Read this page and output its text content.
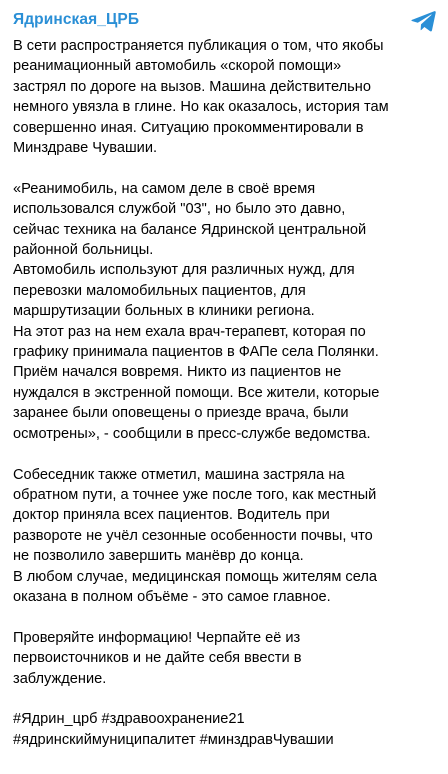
Ядринская_ЦРБ

В сети распространяется публикация о том, что якобы
реанимационный автомобиль «скорой помощи»
застрял по дороге на вызов. Машина действительно
немного увязла в глине. Но как оказалось, история там
совершенно иная. Ситуацию прокомментировали в
Минздраве Чувашии.

«Реанимобиль, на самом деле в своё время
использовался службой "03", но было это давно,
сейчас техника на балансе Ядринской центральной
районной больницы.
Автомобиль используют для различных нужд, для
перевозки маломобильных пациентов, для
маршрутизации больных в клиники региона.
На этот раз на нем ехала врач-терапевт, которая по
графику принимала пациентов в ФАПе села Полянки.
Приём начался вовремя. Никто из пациентов не
нуждался в экстренной помощи. Все жители, которые
заранее были оповещены о приезде врача, были
осмотрены», - сообщили в пресс-службе ведомства.

Собеседник также отметил, машина застряла на
обратном пути, а точнее уже после того, как местный
доктор приняла всех пациентов. Водитель при
развороте не учёл сезонные особенности почвы, что
не позволило завершить манёвр до конца.
В любом случае, медицинская помощь жителям села
оказана в полном объёме - это самое главное.

Проверяйте информацию! Черпайте её из
первоисточников и не дайте себя ввести в
заблуждение.

#Ядрин_црб #здравоохранение21
#ядринскиймуниципалитет #минздравЧувашии
